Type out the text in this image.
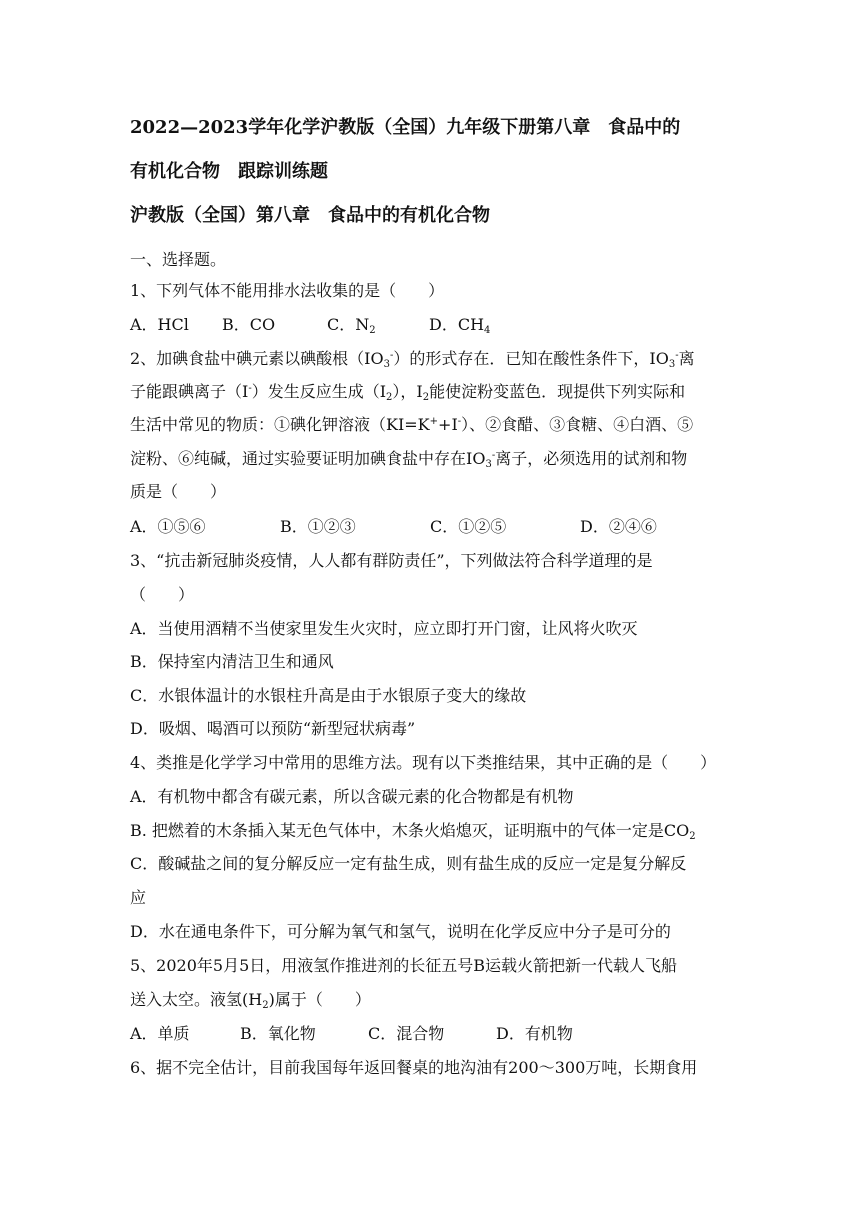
2022—2023学年化学沪教版（全国）九年级下册第八章　食品中的
有机化合物　跟踪训练题
沪教版（全国）第八章　食品中的有机化合物
一、选择题。
1、下列气体不能用排水法收集的是（　　）
A．HCl B．CO	C．$N_2$	D．$CH_4$
2、加碘食盐中碘元素以碘酸根$(IO_3^-)$的形式存在．已知在酸性条件下，$IO_3^-$离
子能跟碘离子（I-）发生反应生成$(I_2)$，$I_2$能使淀粉变蓝色．现提供下列实际和
生活中常见的物质：①碘化钾溶液（KI=K++I-）、②食醋、③食糖、④白酒、⑤
淀粉、⑥纯碱，通过实验要证明加碘食盐中存在$IO_3^-$离子，必须选用的试剂和物
质是（　　）
A．①⑤⑥	B．①②③	C．①②⑤	D．②④⑥
3、“抗击新冠肺炎疫情，人人都有群防责任”，下列做法符合科学道理的是
（　　）
A．当使用酒精不当使家里发生火灾时，应立即打开门窗，让风将火吹灭
B．保持室内清洁卫生和通风
C．水银体温计的水银柱升高是由于水银原子变大的缘故
D．吸烟、喝酒可以预防“新型冠状病毒”
4、类推是化学学习中常用的思维方法。现有以下类推结果，其中正确的是（　　）
A．有机物中都含有碳元素，所以含碳元素的化合物都是有机物
B. 把燃着的木条插入某无色气体中，木条火焰熄灭，证明瓶中的气体一定是$CO_2$
C．酸碱盐之间的复分解反应一定有盐生成，则有盐生成的反应一定是复分解反
应
D．水在通电条件下，可分解为氧气和氢气，说明在化学反应中分子是可分的
5、2020年5月5日，用液氢作推进剂的长征五号B运载火箭把新一代载人飞船
送入太空。液氢$(H_2)$属于（　　）
A．单质	B．氧化物	C．混合物	D．有机物
6、据不完全估计，目前我国每年返回餐桌的地沟油有200～300万吨，长期食用
